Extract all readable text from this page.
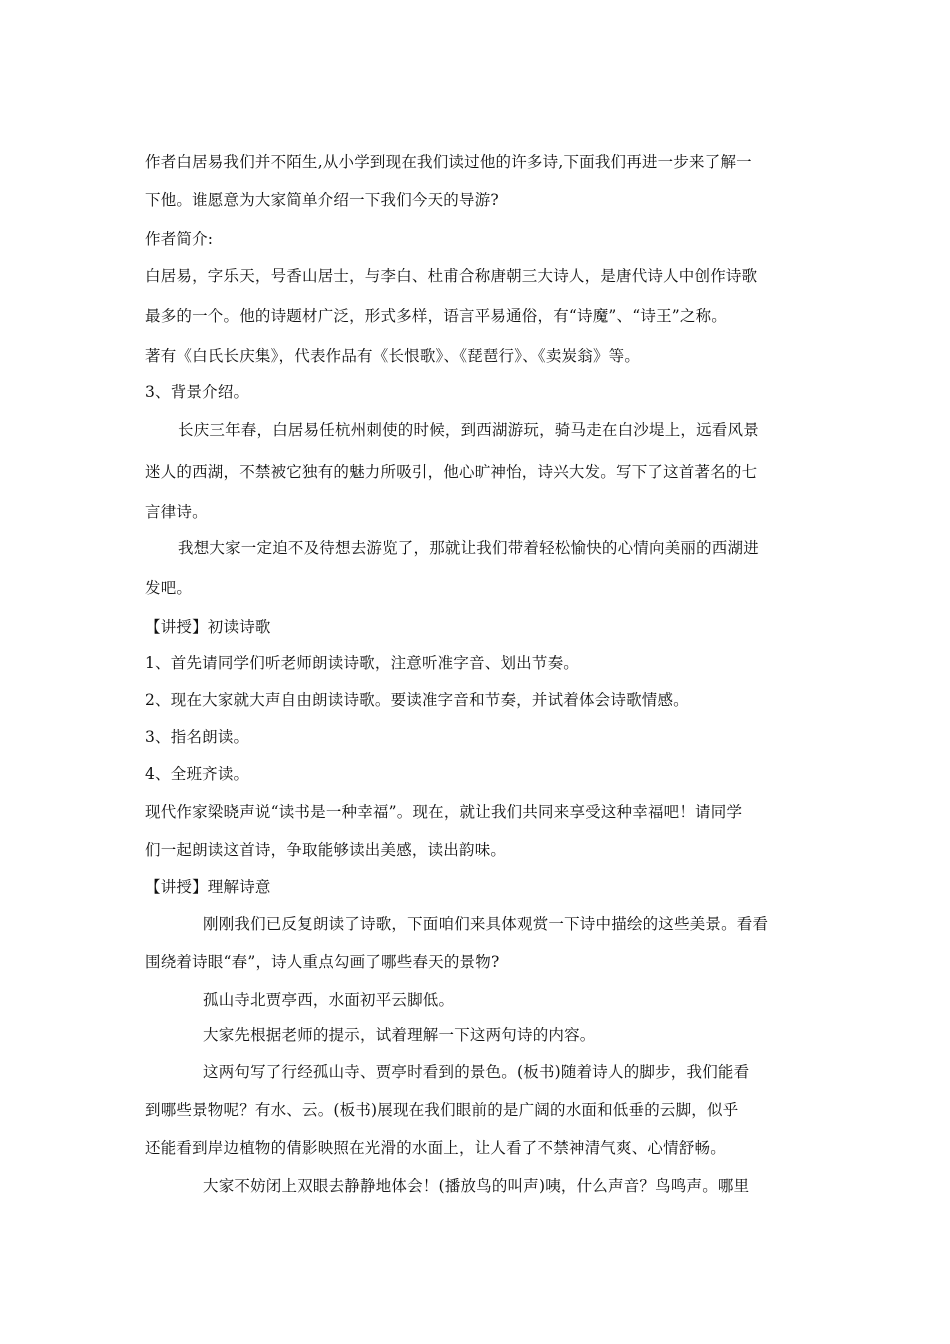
作者白居易我们并不陌生,从小学到现在我们读过他的许多诗,下面我们再进一步来了解一
下他。谁愿意为大家简单介绍一下我们今天的导游?
作者简介:
白居易，字乐天，号香山居士，与李白、杜甫合称唐朝三大诗人，是唐代诗人中创作诗歌
最多的一个。他的诗题材广泛，形式多样，语言平易通俗，有“诗魔”、“诗王”之称。
著有《白氏长庆集》，代表作品有《长恨歌》、《琵琶行》、《卖炭翁》等。
3、背景介绍。
长庆三年春，白居易任杭州刺使的时候，到西湖游玩，骑马走在白沙堤上，远看风景
迷人的西湖，不禁被它独有的魅力所吸引，他心旷神怡，诗兴大发。写下了这首著名的七
言律诗。
我想大家一定迫不及待想去游览了，那就让我们带着轻松愉快的心情向美丽的西湖进
发吧。
【讲授】初读诗歌
1、首先请同学们听老师朗读诗歌，注意听准字音、划出节奏。
2、现在大家就大声自由朗读诗歌。要读准字音和节奏，并试着体会诗歌情感。
3、指名朗读。
4、全班齐读。
现代作家梁晓声说“读书是一种幸福”。现在，就让我们共同来享受这种幸福吧！请同学
们一起朗读这首诗，争取能够读出美感，读出韵味。
【讲授】理解诗意
刚刚我们已反复朗读了诗歌，下面咱们来具体观赏一下诗中描绘的这些美景。看看
围绕着诗眼“春”，诗人重点勾画了哪些春天的景物?
孤山寺北贾亭西，水面初平云脚低。
大家先根据老师的提示，试着理解一下这两句诗的内容。
这两句写了行经孤山寺、贾亭时看到的景色。(板书)随着诗人的脚步，我们能看
到哪些景物呢？有水、云。(板书)展现在我们眼前的是广阔的水面和低垂的云脚，似乎
还能看到岸边植物的倩影映照在光滑的水面上，让人看了不禁神清气爽、心情舒畅。
大家不妨闭上双眼去静静地体会！(播放鸟的叫声)咦，什么声音？鸟鸣声。哪里
